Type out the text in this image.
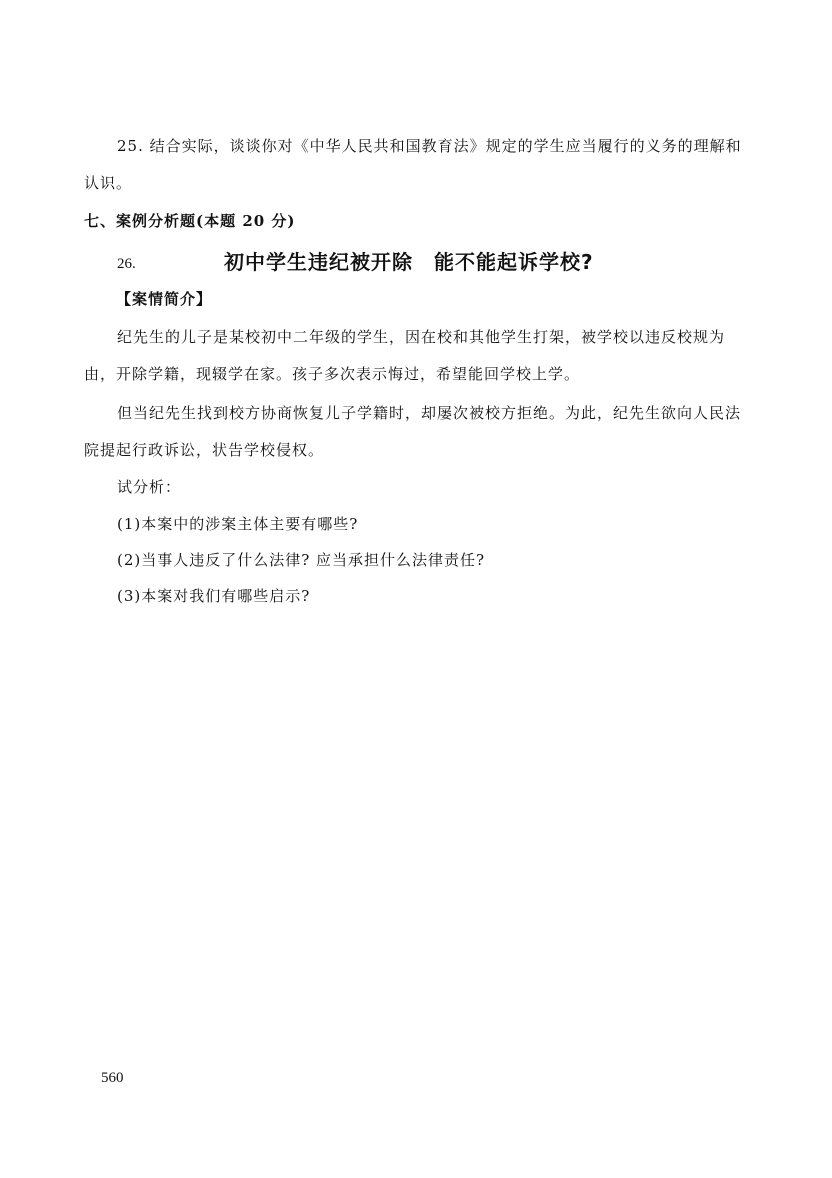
25. 结合实际，谈谈你对《中华人民共和国教育法》规定的学生应当履行的义务的理解和
认识。
七、案例分析题(本题 20 分)
26.	初中学生违纪被开除　能不能起诉学校?
【案情简介】
纪先生的儿子是某校初中二年级的学生，因在校和其他学生打架，被学校以违反校规为
由，开除学籍，现辍学在家。孩子多次表示悔过，希望能回学校上学。
但当纪先生找到校方协商恢复儿子学籍时，却屡次被校方拒绝。为此，纪先生欲向人民法
院提起行政诉讼，状告学校侵权。
试分析：
(1)本案中的涉案主体主要有哪些?
(2)当事人违反了什么法律? 应当承担什么法律责任?
(3)本案对我们有哪些启示?
560
